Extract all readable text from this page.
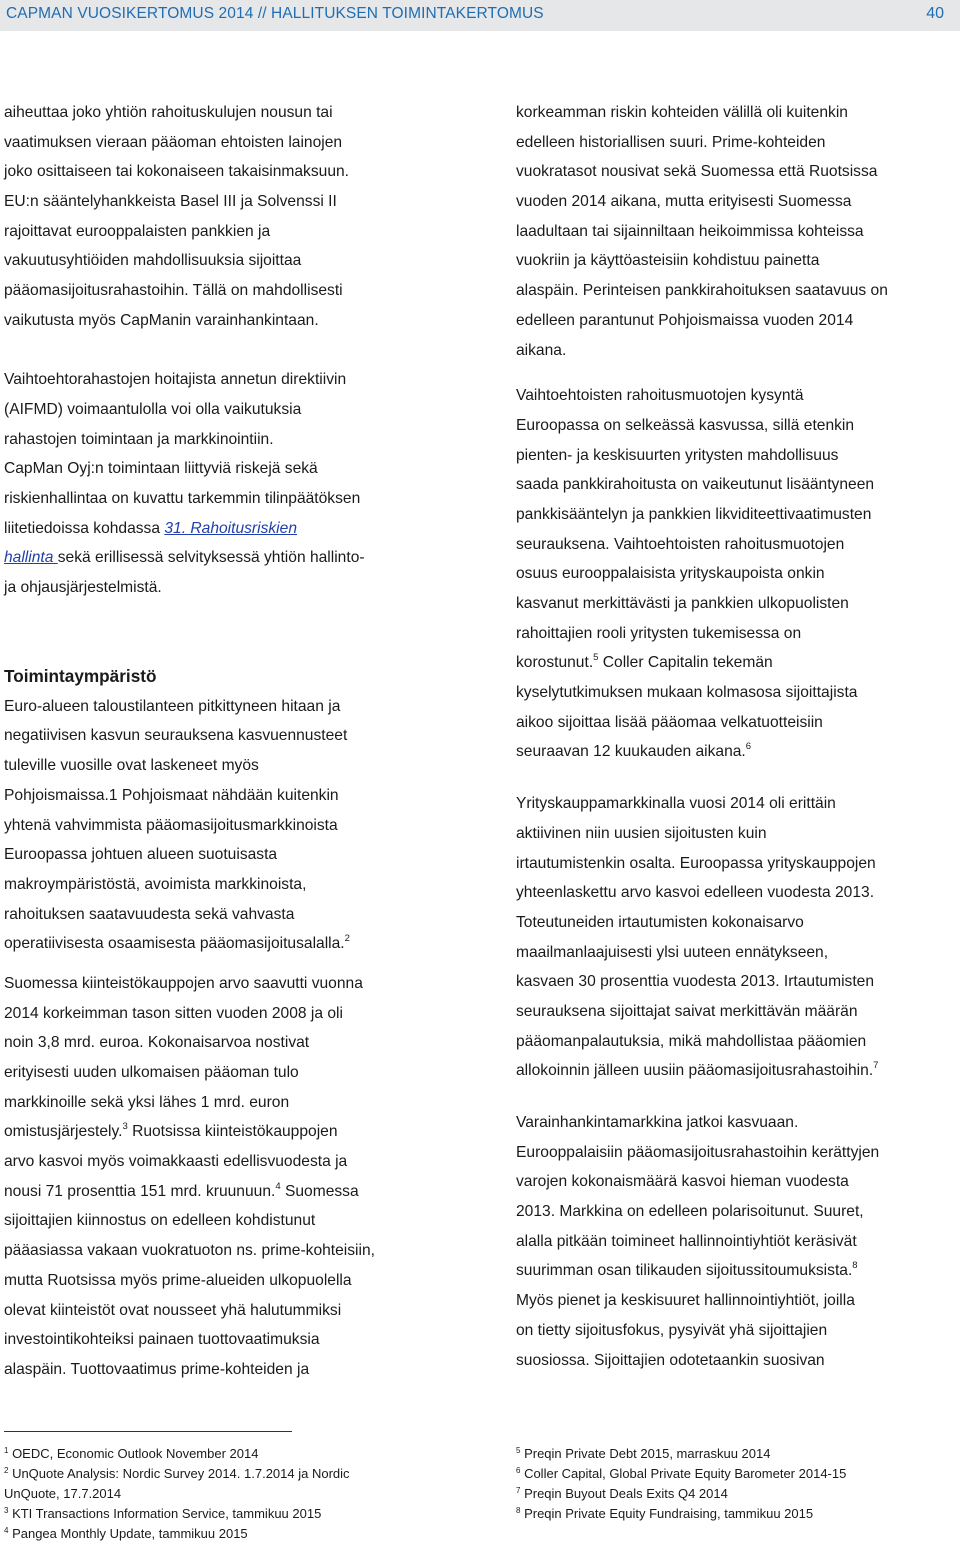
CAPMAN VUOSIKERTOMUS 2014 // HALLITUKSEN TOIMINTAKERTOMUS	40
aiheuttaa joko yhtiön rahoituskulujen nousun tai
vaatimuksen vieraan pääoman ehtoisten lainojen
joko osittaiseen tai kokonaiseen takaisinmaksuun.
EU:n sääntelyhankkeista Basel III ja Solvenssi II
rajoittavat eurooppalaisten pankkien ja
vakuutusyhtiöiden mahdollisuuksia sijoittaa
pääomasijoitusrahastoihin. Tällä on mahdollisesti
vaikutusta myös CapManin varainhankintaan.
Vaihtoehtorahastojen hoitajista annetun direktiivin
(AIFMD) voimaantulolla voi olla vaikutuksia
rahastojen toimintaan ja markkinointiin.
CapMan Oyj:n toimintaan liittyviä riskejä sekä
riskienhallintaa on kuvattu tarkemmin tilinpäätöksen
liitetiedoissa kohdassa 31. Rahoitusriskien
hallinta sekä erillisessä selvityksessä yhtiön hallinto-
ja ohjausjärjestelmistä.
Toimintaympäristö
Euro-alueen taloustilanteen pitkittyneen hitaan ja
negatiivisen kasvun seurauksena kasvuennusteet
tuleville vuosille ovat laskeneet myös
Pohjoismaissa.1 Pohjoismaat nähdään kuitenkin
yhtenä vahvimmista pääomasijoitusmarkkinoista
Euroopassa johtuen alueen suotuisasta
makroympäristöstä, avoimista markkinoista,
rahoituksen saatavuudesta sekä vahvasta
operatiivisesta osaamisesta pääomasijoitusalalla.$^2$
Suomessa kiinteistökauppojen arvo saavutti vuonna
2014 korkeimman tason sitten vuoden 2008 ja oli
noin 3,8 mrd. euroa. Kokonaisarvoa nostivat
erityisesti uuden ulkomaisen pääoman tulo
markkinoille sekä yksi lähes 1 mrd. euron
omistusjärjestely.$^3$ Ruotsissa kiinteistökauppojen
arvo kasvoi myös voimakkaasti edellisvuodesta ja
nousi 71 prosenttia 151 mrd. kruunuun.$^4$ Suomessa
sijoittajien kiinnostus on edelleen kohdistunut
pääasiassa vakaan vuokratuoton ns. prime-kohteisiin,
mutta Ruotsissa myös prime-alueiden ulkopuolella
olevat kiinteistöt ovat nousseet yhä halutummiksi
investointikohteiksi painaen tuottovaatimuksia
alaspäin. Tuottovaatimus prime-kohteiden ja
korkeamman riskin kohteiden välillä oli kuitenkin
edelleen historiallisen suuri. Prime-kohteiden
vuokratasot nousivat sekä Suomessa että Ruotsissa
vuoden 2014 aikana, mutta erityisesti Suomessa
laadultaan tai sijainniltaan heikoimmissa kohteissa
vuokriin ja käyttöasteisiin kohdistuu painetta
alaspäin. Perinteisen pankkirahoituksen saatavuus on
edelleen parantunut Pohjoismaissa vuoden 2014
aikana.
Vaihtoehtoisten rahoitusmuotojen kysyntä
Euroopassa on selkeässä kasvussa, sillä etenkin
pienten- ja keskisuurten yritysten mahdollisuus
saada pankkirahoitusta on vaikeutunut lisääntyneen
pankkisääntelyn ja pankkien likviditeettivaatimusten
seurauksena. Vaihtoehtoisten rahoitusmuotojen
osuus eurooppalaisista yrityskaupoista onkin
kasvanut merkittävästi ja pankkien ulkopuolisten
rahoittajien rooli yritysten tukemisessa on
korostunut.$^5$ Coller Capitalin tekemän
kyselytutkimuksen mukaan kolmasosa sijoittajista
aikoo sijoittaa lisää pääomaa velkatuotteisiin
seuraavan 12 kuukauden aikana.$^6$
Yrityskauppamarkkinalla vuosi 2014 oli erittäin
aktiivinen niin uusien sijoitusten kuin
irtautumistenkin osalta. Euroopassa yrityskauppojen
yhteenlaskettu arvo kasvoi edelleen vuodesta 2013.
Toteutuneiden irtautumisten kokonaisarvo
maailmanlaajuisesti ylsi uuteen ennätykseen,
kasvaen 30 prosenttia vuodesta 2013. Irtautumisten
seurauksena sijoittajat saivat merkittävän määrän
pääomanpalautuksia, mikä mahdollistaa pääomien
allokoinnin jälleen uusiin pääomasijoitusrahastoihin.$^7$
Varainhankintamarkkina jatkoi kasvuaan.
Eurooppalaisiin pääomasijoitusrahastoihin kerättyjen
varojen kokonaismäärä kasvoi hieman vuodesta
2013. Markkina on edelleen polarisoitunut. Suuret,
alalla pitkään toimineet hallinnointiyhtiöt keräsivät
suurimman osan tilikauden sijoitussitoumuksista.$^8$
Myös pienet ja keskisuuret hallinnointiyhtiöt, joilla
on tietty sijoitusfokus, pysyivät yhä sijoittajien
suosiossa. Sijoittajien odotetaankin suosivan
$^1$ OEDC, Economic Outlook November 2014
$^2$ UnQuote Analysis: Nordic Survey 2014. 1.7.2014 ja Nordic
UnQuote, 17.7.2014
$^3$ KTI Transactions Information Service, tammikuu 2015
$^4$ Pangea Monthly Update, tammikuu 2015
$^5$ Preqin Private Debt 2015, marraskuu 2014
$^6$ Coller Capital, Global Private Equity Barometer 2014-15
$^7$ Preqin Buyout Deals Exits Q4 2014
$^8$ Preqin Private Equity Fundraising, tammikuu 2015
